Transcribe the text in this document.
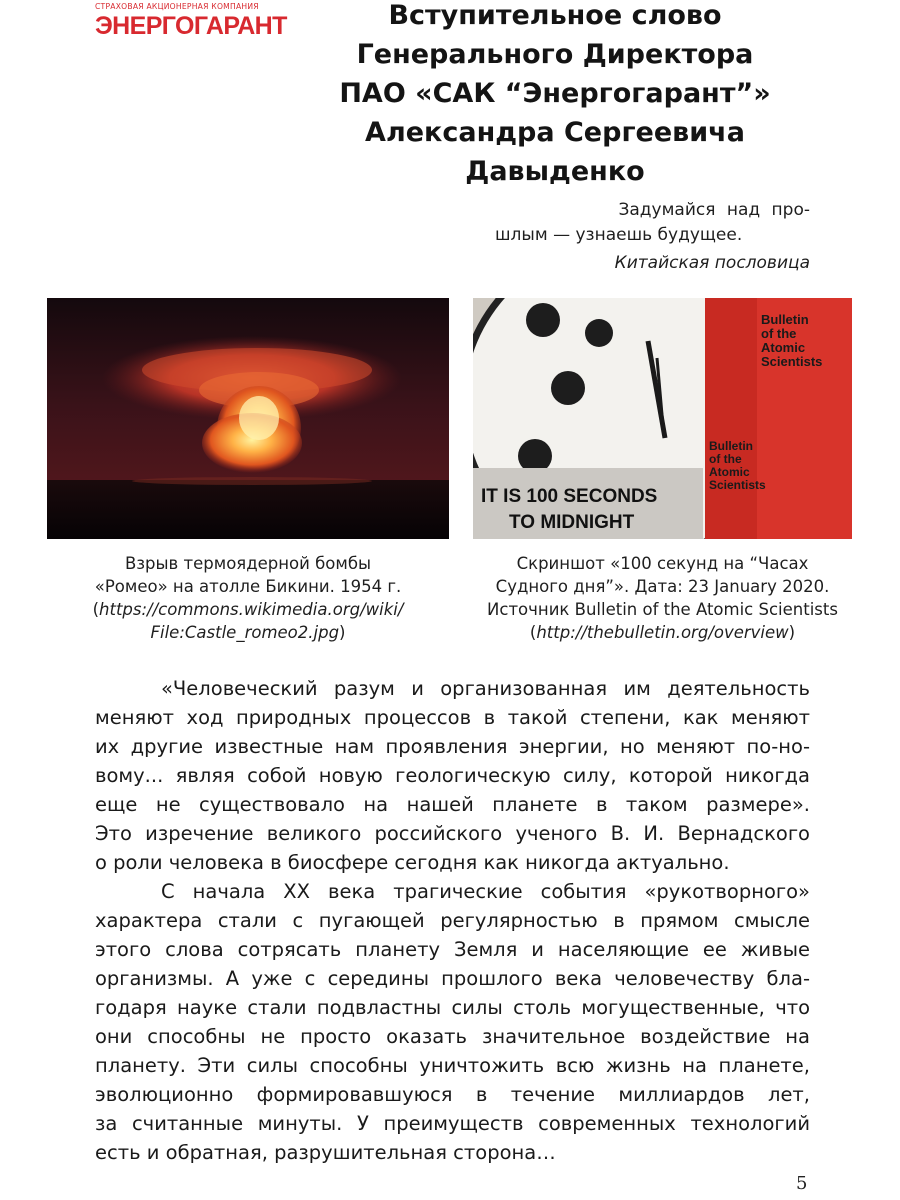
СТРАХОВАЯ АКЦИОНЕРНАЯ КОМПАНИЯ
ЭНЕРГОГАРАНТ	Вступительное слово
Генерального Директора
ПАО «САК “Энергогарант”»
Александра Сергеевича
Давыденко
Задумайся над про-
шлым — узнаешь будущее.
Китайская пословица
IT IS 100 SECONDS
TO MIDNIGHT
Bulletin
of the
Atomic
Scientists
Bulletin
of the
Atomic
Scientists
Взрыв термоядерной бомбы
«Ромео» на атолле Бикини. 1954 г.
(https://commons.wikimedia.org/wiki/
File:Castle_romeo2.jpg)
Скриншот «100 секунд на “Часах
Судного дня”». Дата: 23 January 2020.
Источник Bulletin of the Atomic Scientists
(http://thebulletin.org/overview)

«Человеческий разум и организованная им деятельность
меняют ход природных процессов в такой степени, как меняют
их другие известные нам проявления энергии, но меняют по-но-
вому... являя собой новую геологическую силу, которой никогда
еще не существовало на нашей планете в таком размере».
Это изречение великого российского ученого В. И. Вернадского
о роли человека в биосфере сегодня как никогда актуально.

С начала XX века трагические события «рукотворного»
характера стали с пугающей регулярностью в прямом смысле
этого слова сотрясать планету Земля и населяющие ее живые
организмы. А уже с середины прошлого века человечеству бла-
годаря науке стали подвластны силы столь могущественные, что
они способны не просто оказать значительное воздействие на
планету. Эти силы способны уничтожить всю жизнь на планете,
эволюционно формировавшуюся в течение миллиардов лет,
за считанные минуты. У преимуществ современных технологий
есть и обратная, разрушительная сторона…

5
